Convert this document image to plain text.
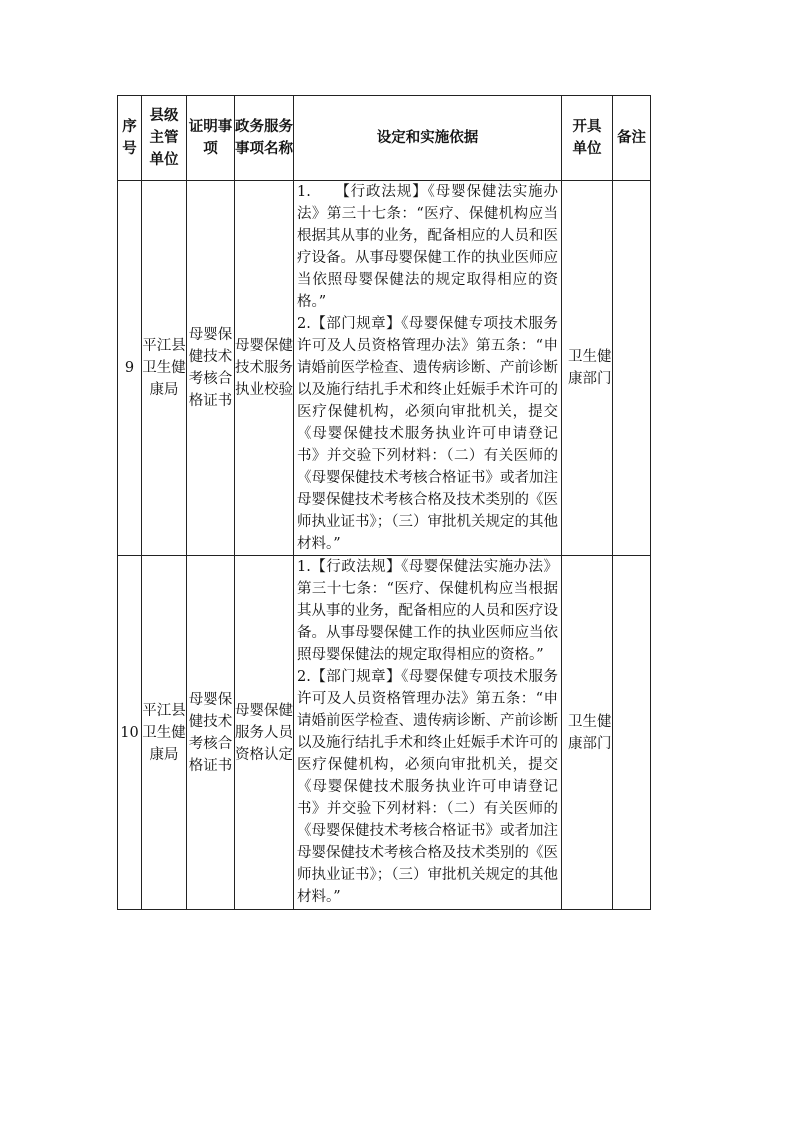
序号	县级主管单位	证明事项	政务服务事项名称	设定和实施依据	开具单位	备注
9	平江县卫生健康局	母婴保健技术考核合格证书	母婴保健技术服务执业校验	1.　　【行政法规】《母婴保健法实施办法》第三十七条：“医疗、保健机构应当根据其从事的业务，配备相应的人员和医疗设备。从事母婴保健工作的执业医师应当依照母婴保健法的规定取得相应的资格。”

2.【部门规章】《母婴保健专项技术服务许可及人员资格管理办法》第五条：“申请婚前医学检查、遗传病诊断、产前诊断以及施行结扎手术和终止妊娠手术许可的医疗保健机构，必须向审批机关，提交《母婴保健技术服务执业许可申请登记书》并交验下列材料：（二）有关医师的《母婴保健技术考核合格证书》或者加注母婴保健技术考核合格及技术类别的《医师执业证书》；（三）审批机关规定的其他材料。”	卫生健康部门	

10	平江县卫生健康局	母婴保健技术考核合格证书	母婴保健服务人员资格认定	1.【行政法规】《母婴保健法实施办法》第三十七条：“医疗、保健机构应当根据其从事的业务，配备相应的人员和医疗设备。从事母婴保健工作的执业医师应当依照母婴保健法的规定取得相应的资格。”

2.【部门规章】《母婴保健专项技术服务许可及人员资格管理办法》第五条：“申请婚前医学检查、遗传病诊断、产前诊断以及施行结扎手术和终止妊娠手术许可的医疗保健机构，必须向审批机关，提交《母婴保健技术服务执业许可申请登记书》并交验下列材料：（二）有关医师的《母婴保健技术考核合格证书》或者加注母婴保健技术考核合格及技术类别的《医师执业证书》；（三）审批机关规定的其他材料。”	卫生健康部门	
